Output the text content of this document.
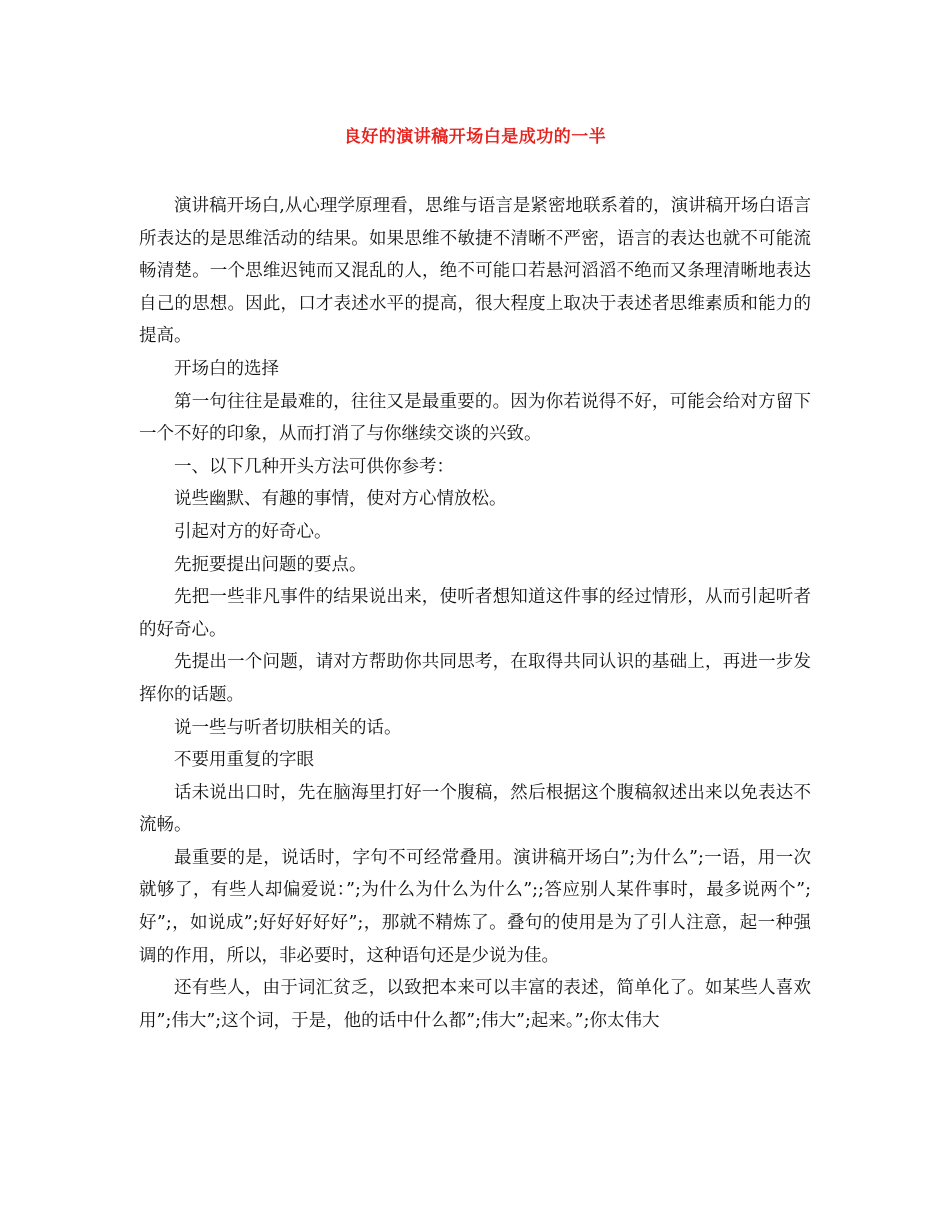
良好的演讲稿开场白是成功的一半

演讲稿开场白,从心理学原理看，思维与语言是紧密地联系着的，演讲稿开场白语言所表达的是思维活动的结果。如果思维不敏捷不清晰不严密，语言的表达也就不可能流畅清楚。一个思维迟钝而又混乱的人，绝不可能口若悬河滔滔不绝而又条理清晰地表达自己的思想。因此，口才表述水平的提高，很大程度上取决于表述者思维素质和能力的提高。

开场白的选择

第一句往往是最难的，往往又是最重要的。因为你若说得不好，可能会给对方留下一个不好的印象，从而打消了与你继续交谈的兴致。

一、以下几种开头方法可供你参考：

说些幽默、有趣的事情，使对方心情放松。

引起对方的好奇心。

先扼要提出问题的要点。

先把一些非凡事件的结果说出来，使听者想知道这件事的经过情形，从而引起听者的好奇心。

先提出一个问题，请对方帮助你共同思考，在取得共同认识的基础上，再进一步发挥你的话题。

说一些与听者切肤相关的话。

不要用重复的字眼

话未说出口时，先在脑海里打好一个腹稿，然后根据这个腹稿叙述出来以免表达不流畅。

最重要的是，说话时，字句不可经常叠用。演讲稿开场白”;为什么”;一语，用一次就够了，有些人却偏爱说：”;为什么为什么为什么”;;答应别人某件事时，最多说两个”;好”;，如说成”;好好好好好”;，那就不精炼了。叠句的使用是为了引人注意，起一种强调的作用，所以，非必要时，这种语句还是少说为佳。

还有些人，由于词汇贫乏，以致把本来可以丰富的表述，简单化了。如某些人喜欢用”;伟大”;这个词，于是，他的话中什么都”;伟大”;起来。”;你太伟大
